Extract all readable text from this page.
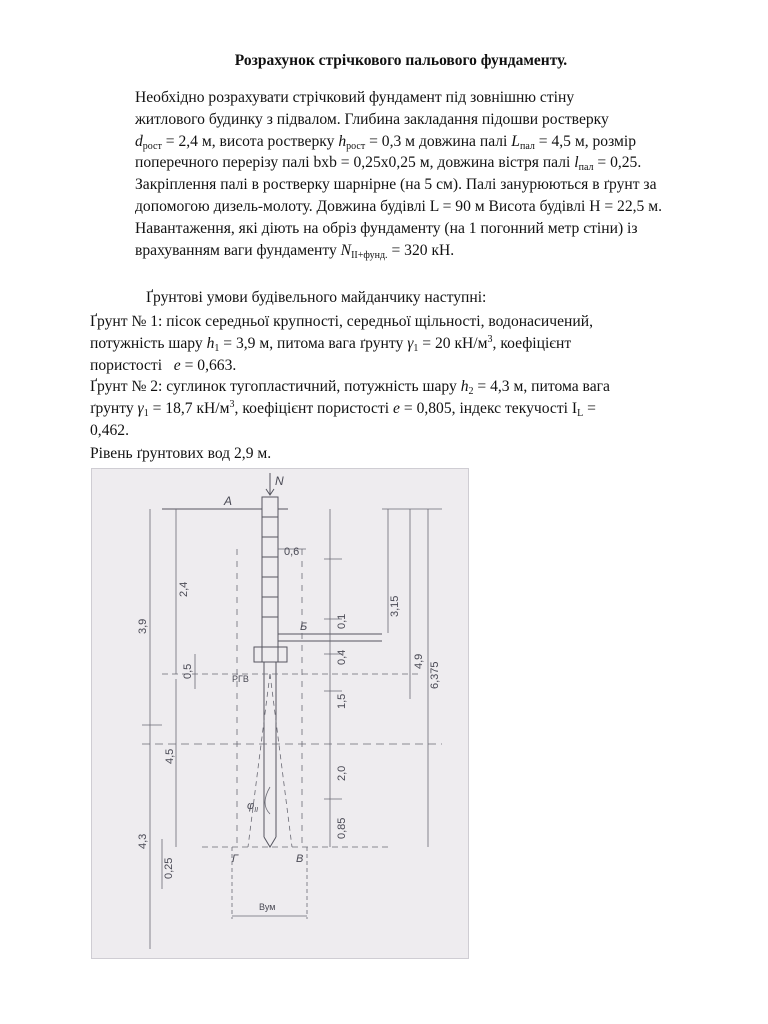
Розрахунок стрічкового пальового фундаменту.
Необхідно розрахувати стрічковий фундамент під зовнішню стіну
житлового будинку з підвалом. Глибина закладання підошви ростверку
$d_{рост} = 2,4$ м, висота ростверку $h_{рост} = 0,3$ м довжина палі $L_{пал} = 4,5$ м, розмір
поперечного перерізу палі bxb = 0,25x0,25 м, довжина вістря палі $l_{пал} = 0,25$.
Закріплення палі в ростверку шарнірне (на 5 см). Палі занурюються в ґрунт за
допомогою дизель-молоту. Довжина будівлі L = 90 м Висота будівлі H = 22,5 м.
Навантаження, які діють на обріз фундаменту (на 1 погонний метр стіни) із
врахуванням ваги фундаменту $N_{ІІ+фунд.} = 320$ кН.
Ґрунтові умови будівельного майданчику наступні:
Ґрунт № 1: пісок середньої крупності, середньої щільності, водонасичений,
потужність шару $h_1 = 3,9$ м, питома вага ґрунту $\gamma_1 = 20$ $кН/м^3$, коефіцієнт
пористості e = 0,663.
Ґрунт № 2: суглинок тугопластичний, потужність шару $h_2 = 4,3$ м, питома вага
ґрунту $\gamma_1 = 18,7$ $кН/м^3$, коефіцієнт пористості e = 0,805, індекс текучості $I_L$ =
0,462.
Рівень ґрунтових вод 2,9 м.
А
N
Б
Г	В
РГВ
Вум
$\varphi_{II}$
0,6
3,9
4,3
2,4
0,5
4,5
0,25
0,1
0,4
1,5
2,0
0,85
3,15
4,9
6,375
